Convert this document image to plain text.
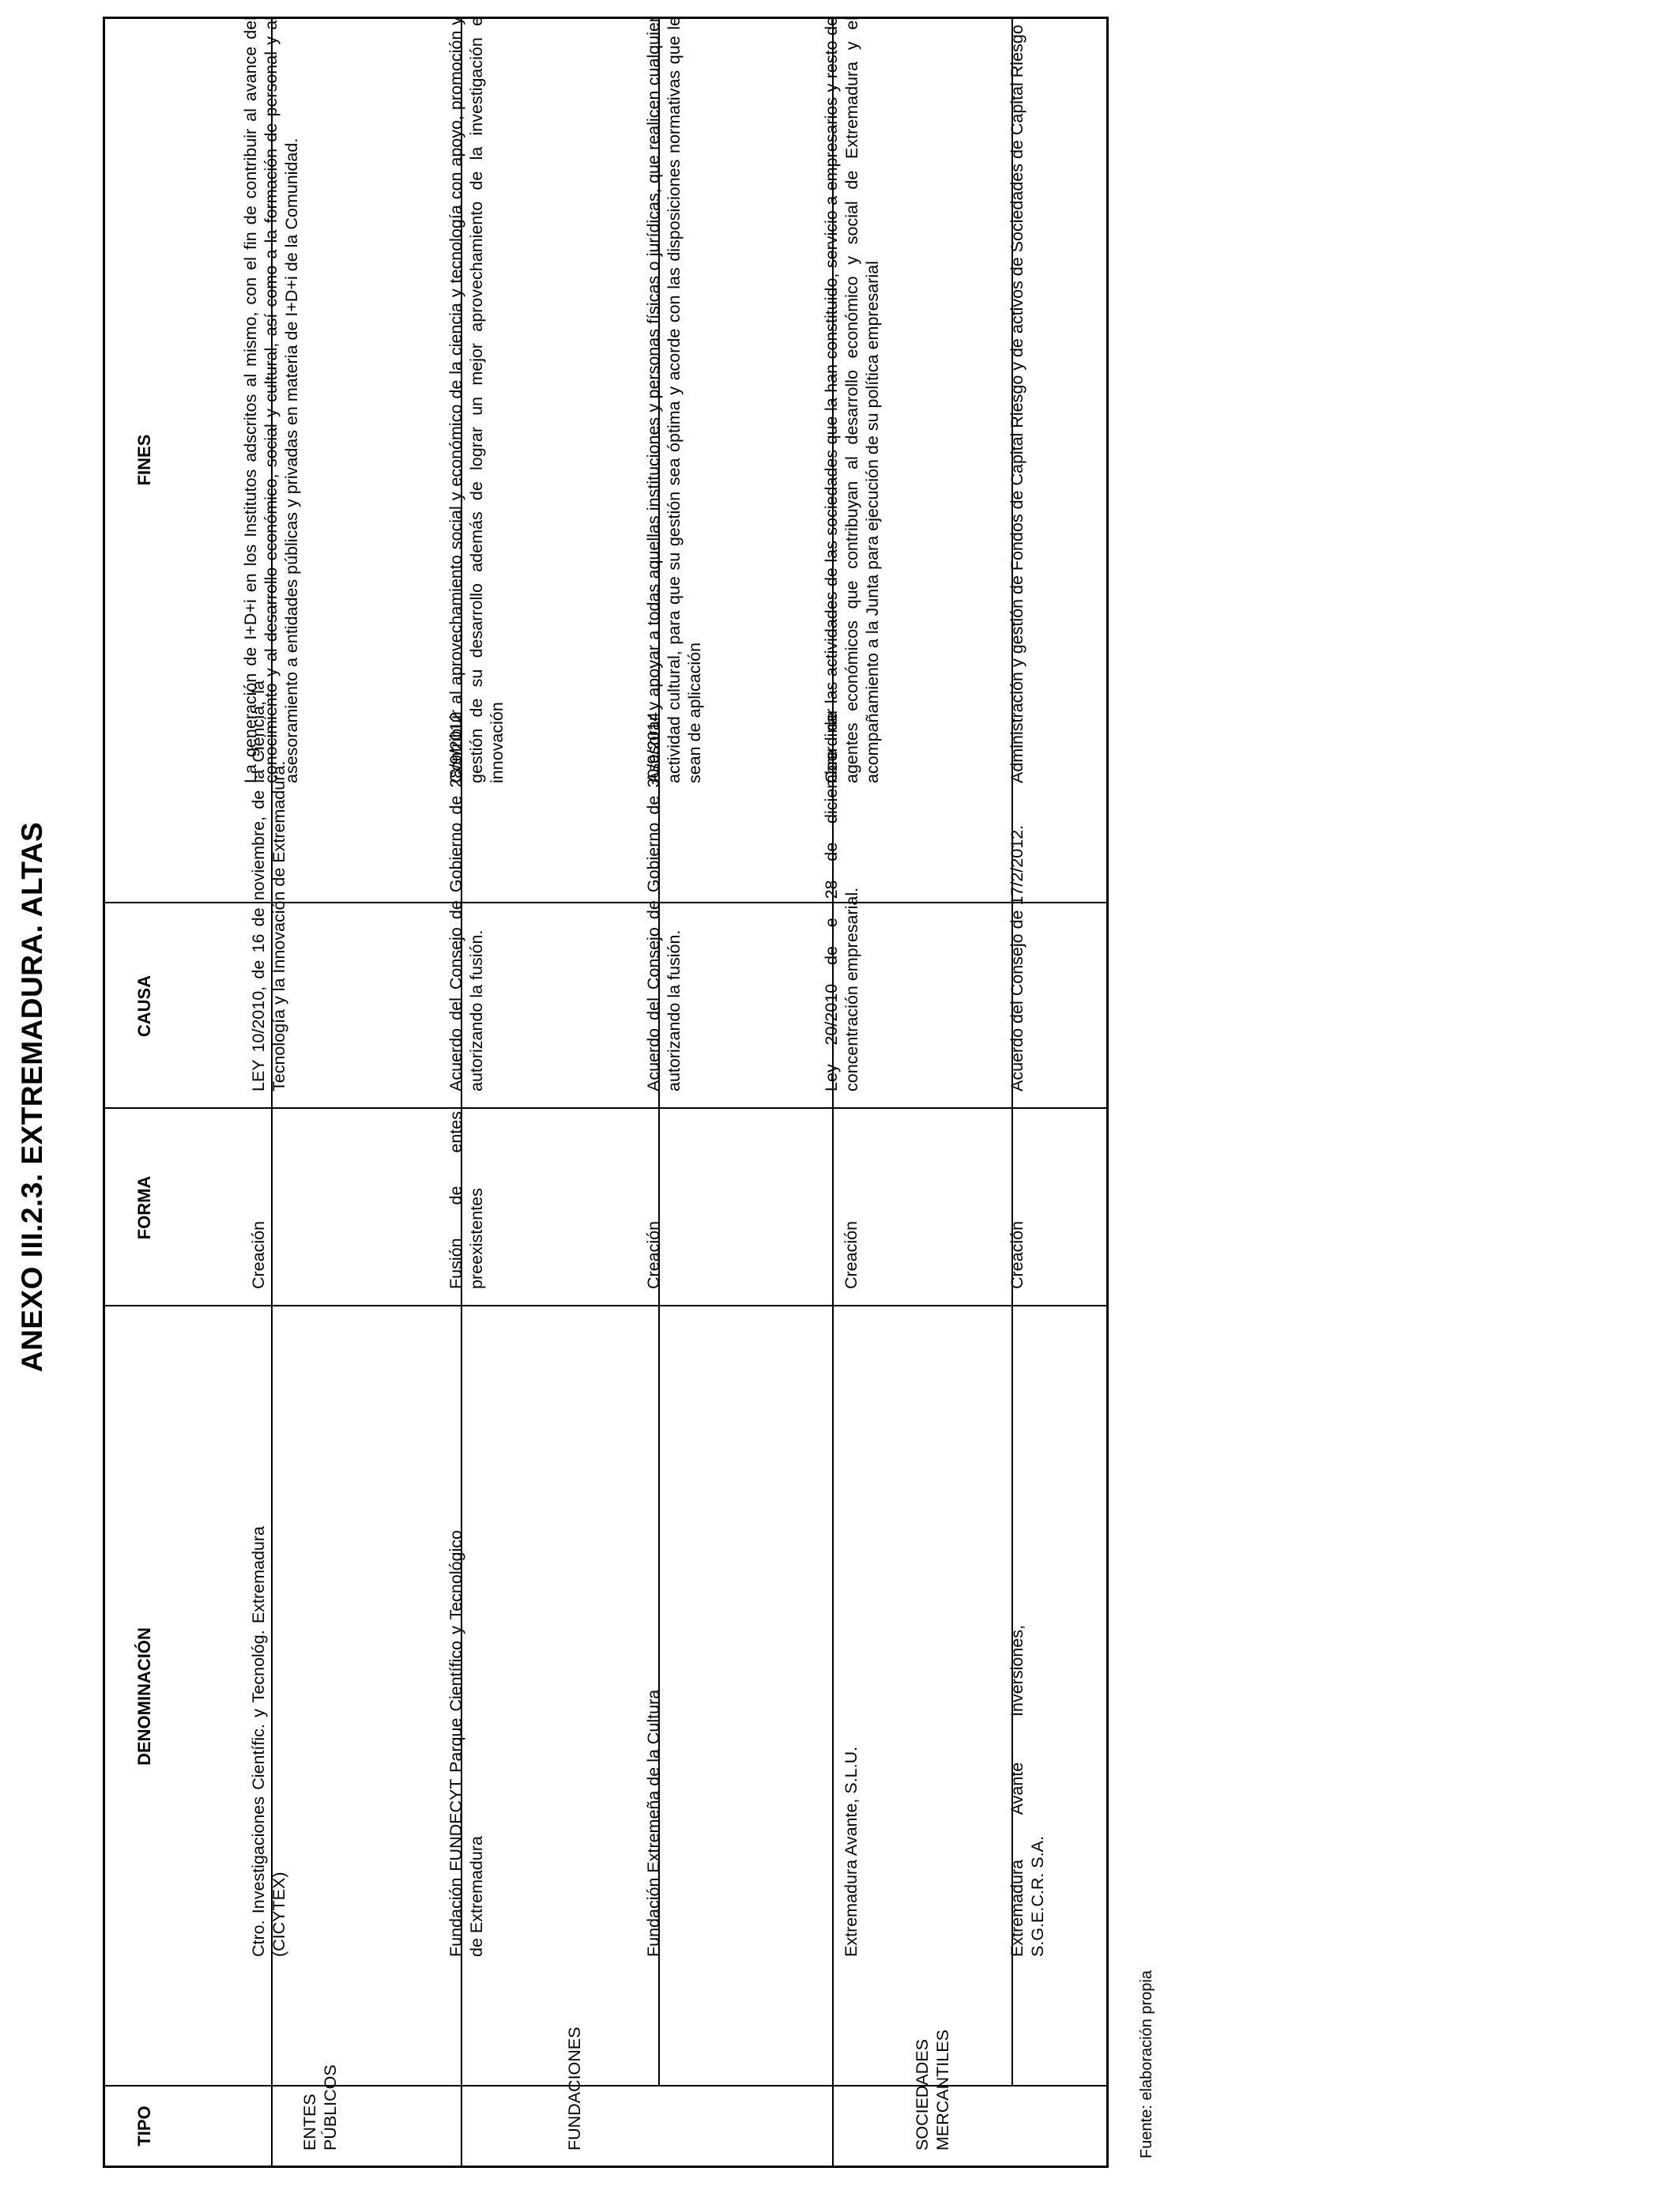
ANEXO III.2.3. EXTREMADURA. ALTAS
TIPO
DENOMINACIÓN
FORMA
CAUSA
FINES
Fuente: elaboración propia
ENTES PÚBLICOS	FUNDACIONES	SOCIEDADES MERCANTILES
Ctro. Investigaciones Científic. y Tecnológ. Extremadura (CICYTEX)
Creación
LEY 10/2010, de 16 de noviembre, de la Ciencia, la Tecnología y la Innovación de Extremadura.
La generación de I+D+i en los Institutos adscritos al mismo, con el fin de contribuir al avance del conocimiento y al desarrollo económico, social y cultural, así como a la formación de personal y al asesoramiento a entidades públicas y privadas en materia de I+D+i de la Comunidad.
Fundación FUNDECYT Parque Científico y Tecnológico de Extremadura
Fusión de entes preexistentes
Acuerdo del Consejo de Gobierno de 28/9/2012 autorizando la fusión.
Contribuir al aprovechamiento social y económico de la ciencia y tecnología con apoyo, promoción y gestión de su desarrollo además de lograr un mejor aprovechamiento de la investigación e innovación
Fundación Extremeña de la Cultura
Creación
Acuerdo del Consejo de Gobierno de 30/9/2014 autorizando la fusión.
Asesorar y apoyar a todas aquellas instituciones y personas físicas o jurídicas, que realicen cualquier actividad cultural, para que su gestión sea óptima y acorde con las disposiciones normativas que le sean de aplicación
Extremadura Avante, S.L.U.
Creación
Ley 20/2010 de e 28 de diciembre de concentración empresarial.
Coordinar las actividades de las sociedades que la han constituido, servicio a empresarios y resto de agentes económicos que contribuyan al desarrollo económico y social de Extremadura y el acompañamiento a la Junta para ejecución de su política empresarial
Extremadura Avante Inversiones, S.G.E.C.R. S.A.
Creación
Acuerdo del Consejo de 17/2/2012.
Administración y gestión de Fondos de Capital Riesgo y de activos de Sociedades de Capital Riesgo
